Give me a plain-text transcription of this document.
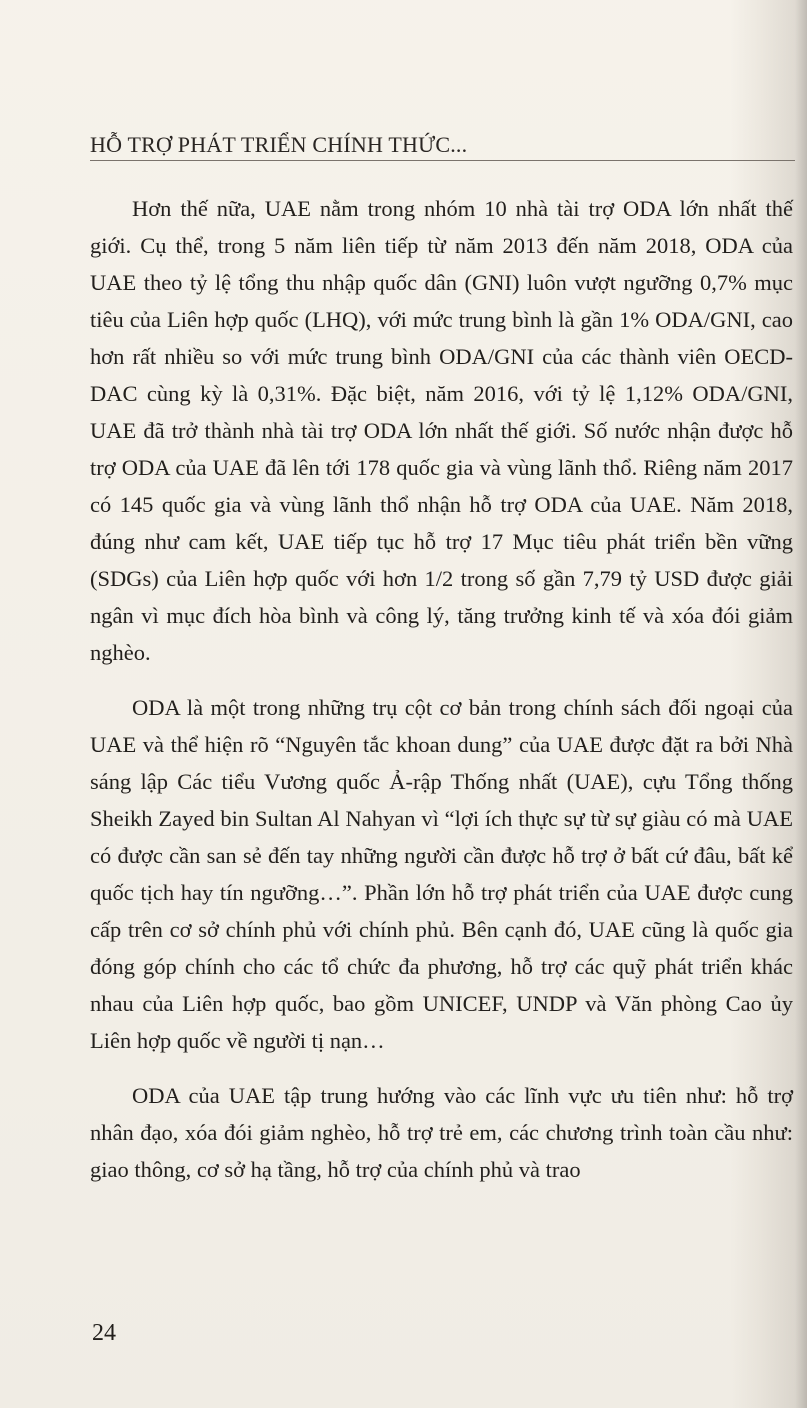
HỖ TRỢ PHÁT TRIỂN CHÍNH THỨC...

Hơn thế nữa, UAE nằm trong nhóm 10 nhà tài trợ ODA lớn nhất thế giới. Cụ thể, trong 5 năm liên tiếp từ năm 2013 đến năm 2018, ODA của UAE theo tỷ lệ tổng thu nhập quốc dân (GNI) luôn vượt ngưỡng 0,7% mục tiêu của Liên hợp quốc (LHQ), với mức trung bình là gần 1% ODA/GNI, cao hơn rất nhiều so với mức trung bình ODA/GNI của các thành viên OECD-DAC cùng kỳ là 0,31%. Đặc biệt, năm 2016, với tỷ lệ 1,12% ODA/GNI, UAE đã trở thành nhà tài trợ ODA lớn nhất thế giới. Số nước nhận được hỗ trợ ODA của UAE đã lên tới 178 quốc gia và vùng lãnh thổ. Riêng năm 2017 có 145 quốc gia và vùng lãnh thổ nhận hỗ trợ ODA của UAE. Năm 2018, đúng như cam kết, UAE tiếp tục hỗ trợ 17 Mục tiêu phát triển bền vững (SDGs) của Liên hợp quốc với hơn 1/2 trong số gần 7,79 tỷ USD được giải ngân vì mục đích hòa bình và công lý, tăng trưởng kinh tế và xóa đói giảm nghèo.

ODA là một trong những trụ cột cơ bản trong chính sách đối ngoại của UAE và thể hiện rõ “Nguyên tắc khoan dung” của UAE được đặt ra bởi Nhà sáng lập Các tiểu Vương quốc Ả-rập Thống nhất (UAE), cựu Tổng thống Sheikh Zayed bin Sultan Al Nahyan vì “lợi ích thực sự từ sự giàu có mà UAE có được cần san sẻ đến tay những người cần được hỗ trợ ở bất cứ đâu, bất kể quốc tịch hay tín ngưỡng…”. Phần lớn hỗ trợ phát triển của UAE được cung cấp trên cơ sở chính phủ với chính phủ. Bên cạnh đó, UAE cũng là quốc gia đóng góp chính cho các tổ chức đa phương, hỗ trợ các quỹ phát triển khác nhau của Liên hợp quốc, bao gồm UNICEF, UNDP và Văn phòng Cao ủy Liên hợp quốc về người tị nạn…

ODA của UAE tập trung hướng vào các lĩnh vực ưu tiên như: hỗ trợ nhân đạo, xóa đói giảm nghèo, hỗ trợ trẻ em, các chương trình toàn cầu như: giao thông, cơ sở hạ tầng, hỗ trợ của chính phủ và trao

24
